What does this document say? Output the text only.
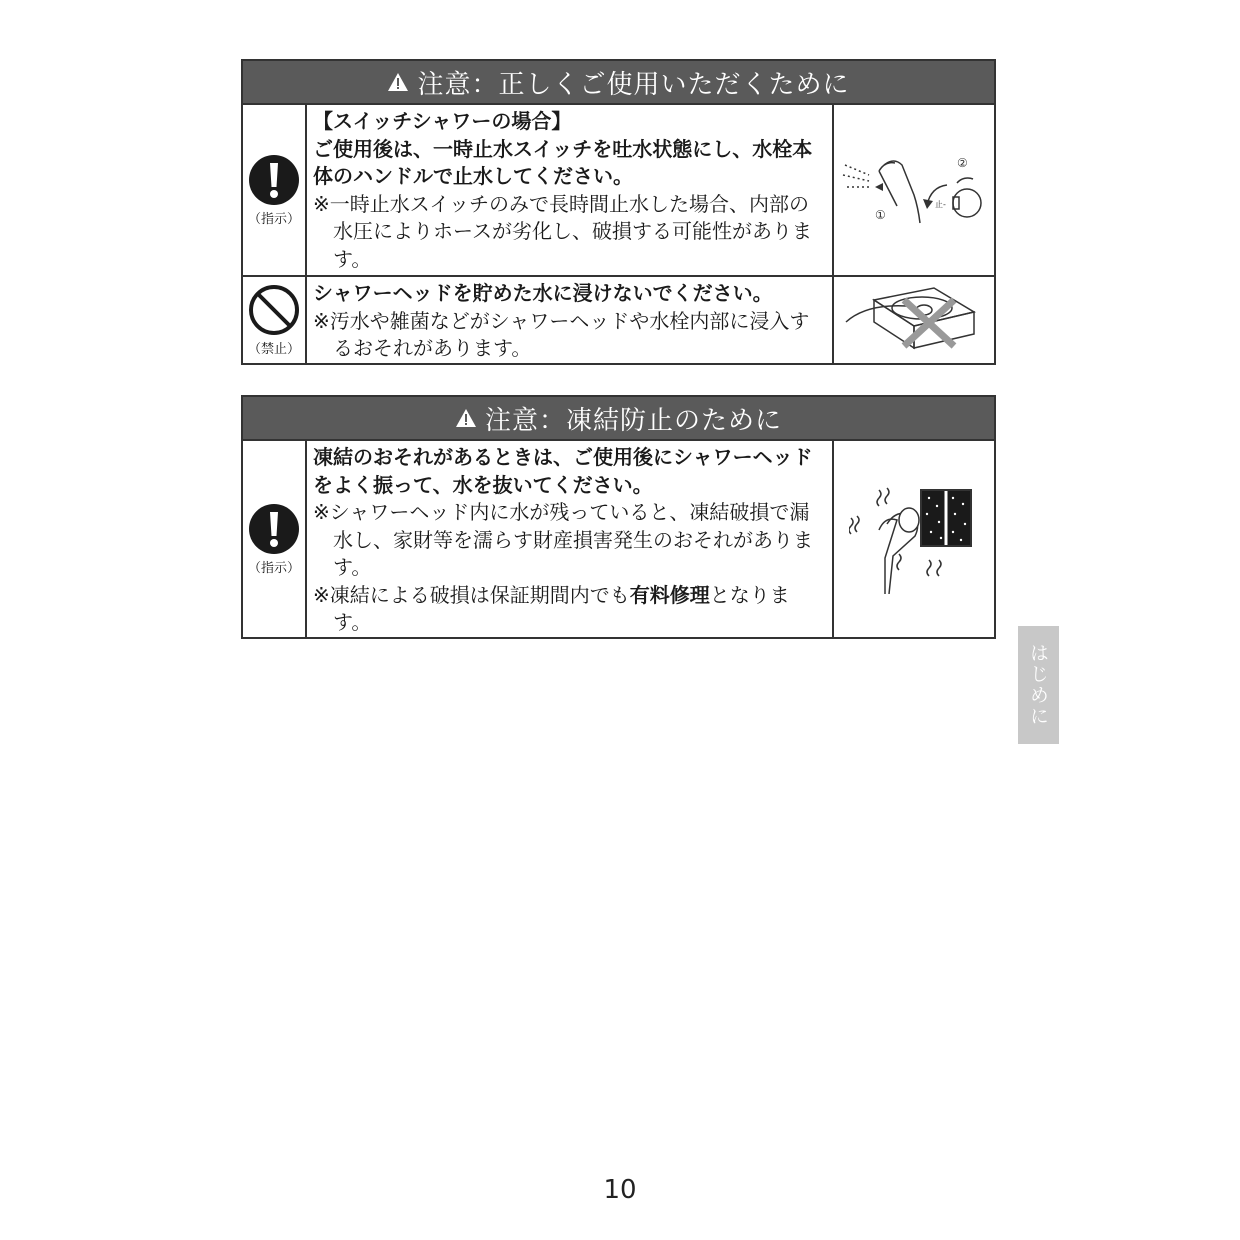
注意：正しくご使用いただくために
（指示）
【スイッチシャワーの場合】
ご使用後は、一時止水スイッチを吐水状態にし、水栓本体のハンドルで止水してください。
※一時止水スイッチのみで長時間止水した場合、内部の水圧によりホースが劣化し、破損する可能性があります。
①
②
止-
（禁止）
シャワーヘッドを貯めた水に浸けないでください。
※汚水や雑菌などがシャワーヘッドや水栓内部に浸入するおそれがあります。
注意：凍結防止のために
（指示）
凍結のおそれがあるときは、ご使用後にシャワーヘッドをよく振って、水を抜いてください。
※シャワーヘッド内に水が残っていると、凍結破損で漏水し、家財等を濡らす財産損害発生のおそれがあります。
※凍結による破損は保証期間内でも有料修理となります。
はじめに
10
